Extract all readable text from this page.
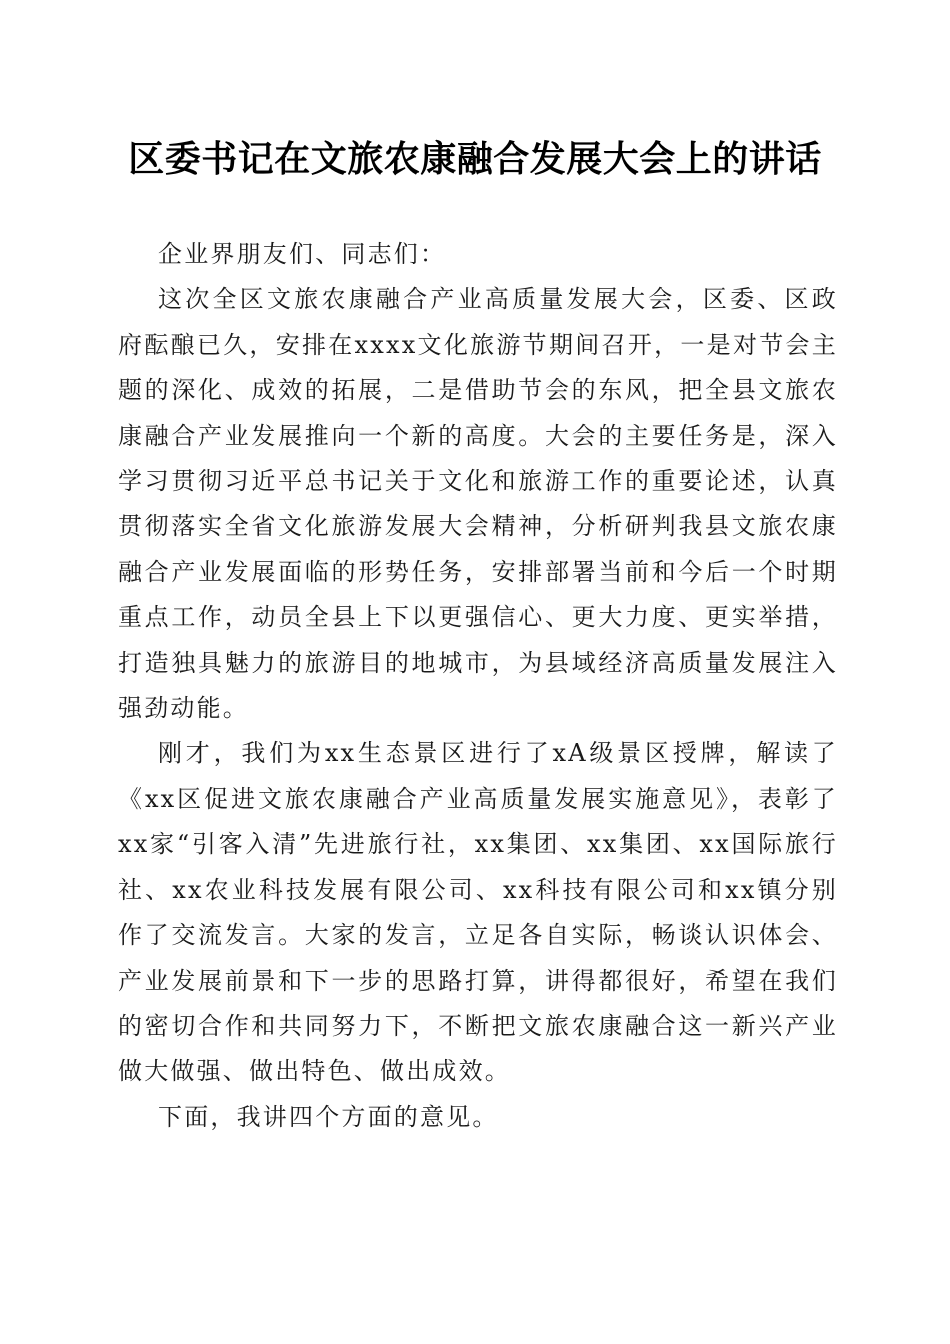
区委书记在文旅农康融合发展大会上的讲话

企业界朋友们、同志们：

这次全区文旅农康融合产业高质量发展大会，区委、区政府酝酿已久，安排在xxxx文化旅游节期间召开，一是对节会主题的深化、成效的拓展，二是借助节会的东风，把全县文旅农康融合产业发展推向一个新的高度。大会的主要任务是，深入学习贯彻习近平总书记关于文化和旅游工作的重要论述，认真贯彻落实全省文化旅游发展大会精神，分析研判我县文旅农康融合产业发展面临的形势任务，安排部署当前和今后一个时期重点工作，动员全县上下以更强信心、更大力度、更实举措，打造独具魅力的旅游目的地城市，为县域经济高质量发展注入强劲动能。

刚才，我们为xx生态景区进行了xA级景区授牌，解读了《xx区促进文旅农康融合产业高质量发展实施意见》，表彰了xx家“引客入清”先进旅行社，xx集团、xx集团、xx国际旅行社、xx农业科技发展有限公司、xx科技有限公司和xx镇分别作了交流发言。大家的发言，立足各自实际，畅谈认识体会、产业发展前景和下一步的思路打算，讲得都很好，希望在我们的密切合作和共同努力下，不断把文旅农康融合这一新兴产业做大做强、做出特色、做出成效。

下面，我讲四个方面的意见。
